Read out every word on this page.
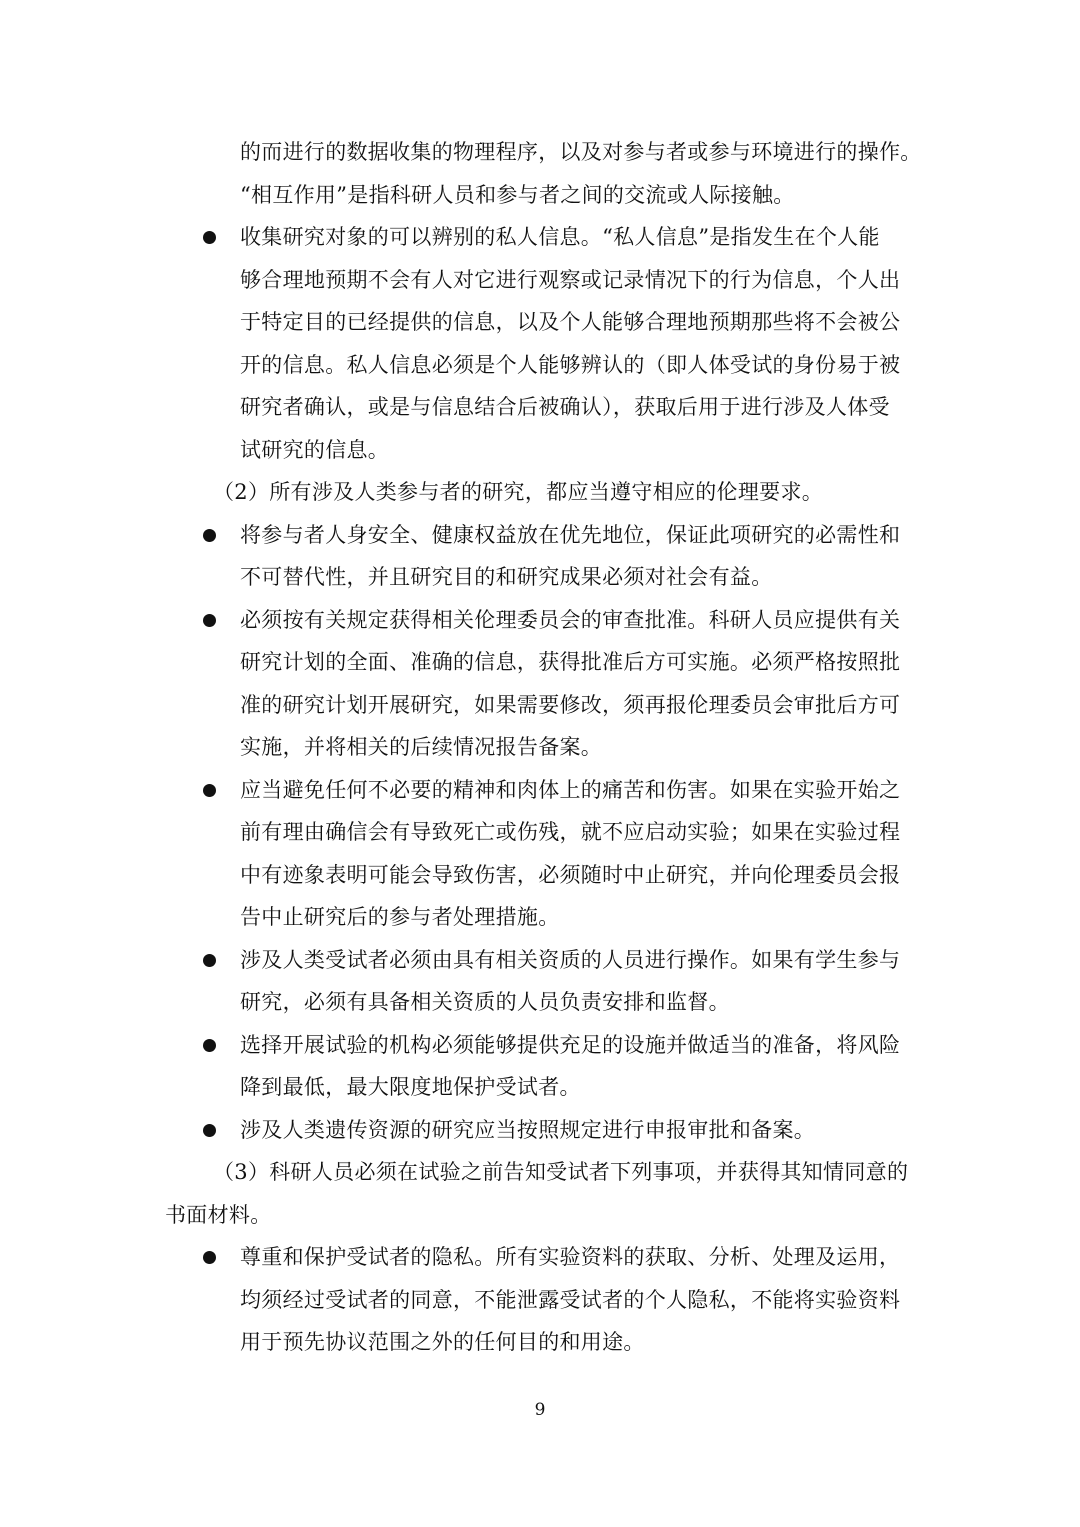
的而进行的数据收集的物理程序，以及对参与者或参与环境进行的操作。
“相互作用”是指科研人员和参与者之间的交流或人际接触。
收集研究对象的可以辨别的私人信息。“私人信息”是指发生在个人能
够合理地预期不会有人对它进行观察或记录情况下的行为信息，个人出
于特定目的已经提供的信息，以及个人能够合理地预期那些将不会被公
开的信息。私人信息必须是个人能够辨认的（即人体受试的身份易于被
研究者确认，或是与信息结合后被确认），获取后用于进行涉及人体受
试研究的信息。
（2）所有涉及人类参与者的研究，都应当遵守相应的伦理要求。
将参与者人身安全、健康权益放在优先地位，保证此项研究的必需性和
不可替代性，并且研究目的和研究成果必须对社会有益。
必须按有关规定获得相关伦理委员会的审查批准。科研人员应提供有关
研究计划的全面、准确的信息，获得批准后方可实施。必须严格按照批
准的研究计划开展研究，如果需要修改，须再报伦理委员会审批后方可
实施，并将相关的后续情况报告备案。
应当避免任何不必要的精神和肉体上的痛苦和伤害。如果在实验开始之
前有理由确信会有导致死亡或伤残，就不应启动实验；如果在实验过程
中有迹象表明可能会导致伤害，必须随时中止研究，并向伦理委员会报
告中止研究后的参与者处理措施。
涉及人类受试者必须由具有相关资质的人员进行操作。如果有学生参与
研究，必须有具备相关资质的人员负责安排和监督。
选择开展试验的机构必须能够提供充足的设施并做适当的准备，将风险
降到最低，最大限度地保护受试者。
涉及人类遗传资源的研究应当按照规定进行申报审批和备案。
（3）科研人员必须在试验之前告知受试者下列事项，并获得其知情同意的
书面材料。
尊重和保护受试者的隐私。所有实验资料的获取、分析、处理及运用，
均须经过受试者的同意，不能泄露受试者的个人隐私，不能将实验资料
用于预先协议范围之外的任何目的和用途。
9
